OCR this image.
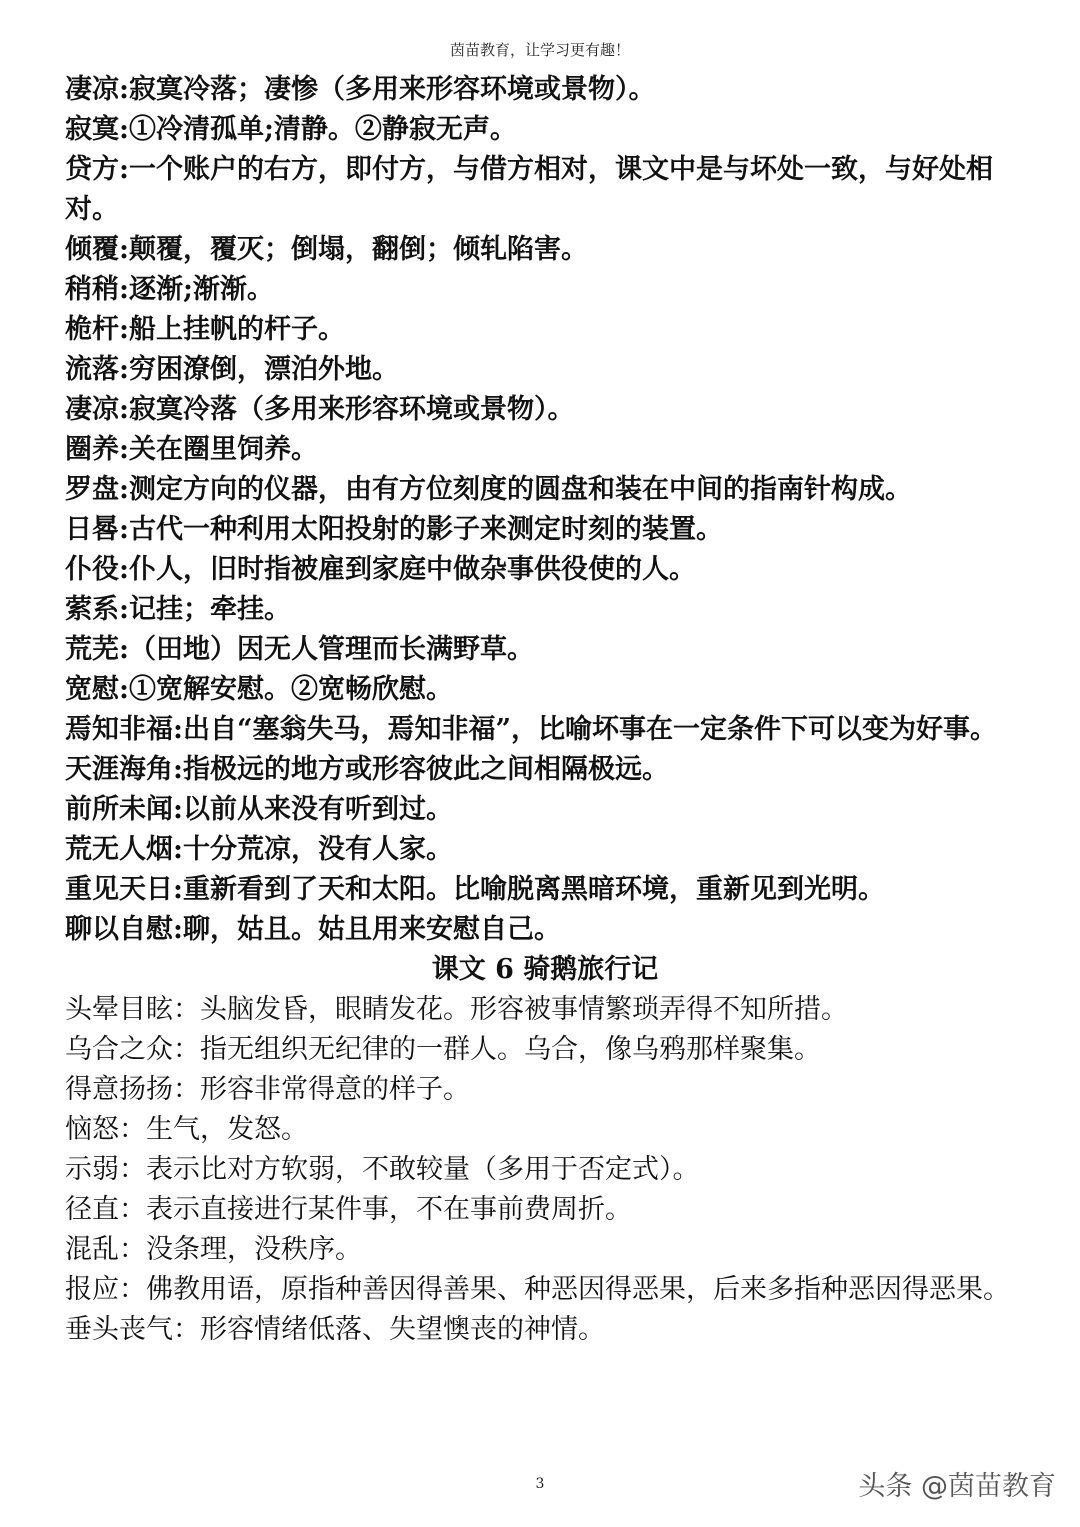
茵苗教育，让学习更有趣！

凄凉:寂寞冷落；凄惨（多用来形容环境或景物）。

寂寞:①冷清孤单;清静。②静寂无声。

贷方:一个账户的右方，即付方，与借方相对，课文中是与坏处一致，与好处相对。

倾覆:颠覆，覆灭；倒塌，翻倒；倾轧陷害。

稍稍:逐渐;渐渐。

桅杆:船上挂帆的杆子。

流落:穷困潦倒，漂泊外地。

凄凉:寂寞冷落（多用来形容环境或景物）。

圈养:关在圈里饲养。

罗盘:测定方向的仪器，由有方位刻度的圆盘和装在中间的指南针构成。

日晷:古代一种利用太阳投射的影子来测定时刻的装置。

仆役:仆人，旧时指被雇到家庭中做杂事供役使的人。

萦系:记挂；牵挂。

荒芜:（田地）因无人管理而长满野草。

宽慰:①宽解安慰。②宽畅欣慰。

焉知非福:出自“塞翁失马，焉知非福”，比喻坏事在一定条件下可以变为好事。

天涯海角:指极远的地方或形容彼此之间相隔极远。

前所未闻:以前从来没有听到过。

荒无人烟:十分荒凉，没有人家。

重见天日:重新看到了天和太阳。比喻脱离黑暗环境，重新见到光明。

聊以自慰:聊，姑且。姑且用来安慰自己。

课文 6 骑鹅旅行记

头晕目眩：头脑发昏，眼睛发花。形容被事情繁琐弄得不知所措。

乌合之众：指无组织无纪律的一群人。乌合，像乌鸦那样聚集。

得意扬扬：形容非常得意的样子。

恼怒：生气，发怒。

示弱：表示比对方软弱，不敢较量（多用于否定式）。

径直：表示直接进行某件事，不在事前费周折。

混乱：没条理，没秩序。

报应：佛教用语，原指种善因得善果、种恶因得恶果，后来多指种恶因得恶果。

垂头丧气：形容情绪低落、失望懊丧的神情。

3	头条 @茵苗教育
